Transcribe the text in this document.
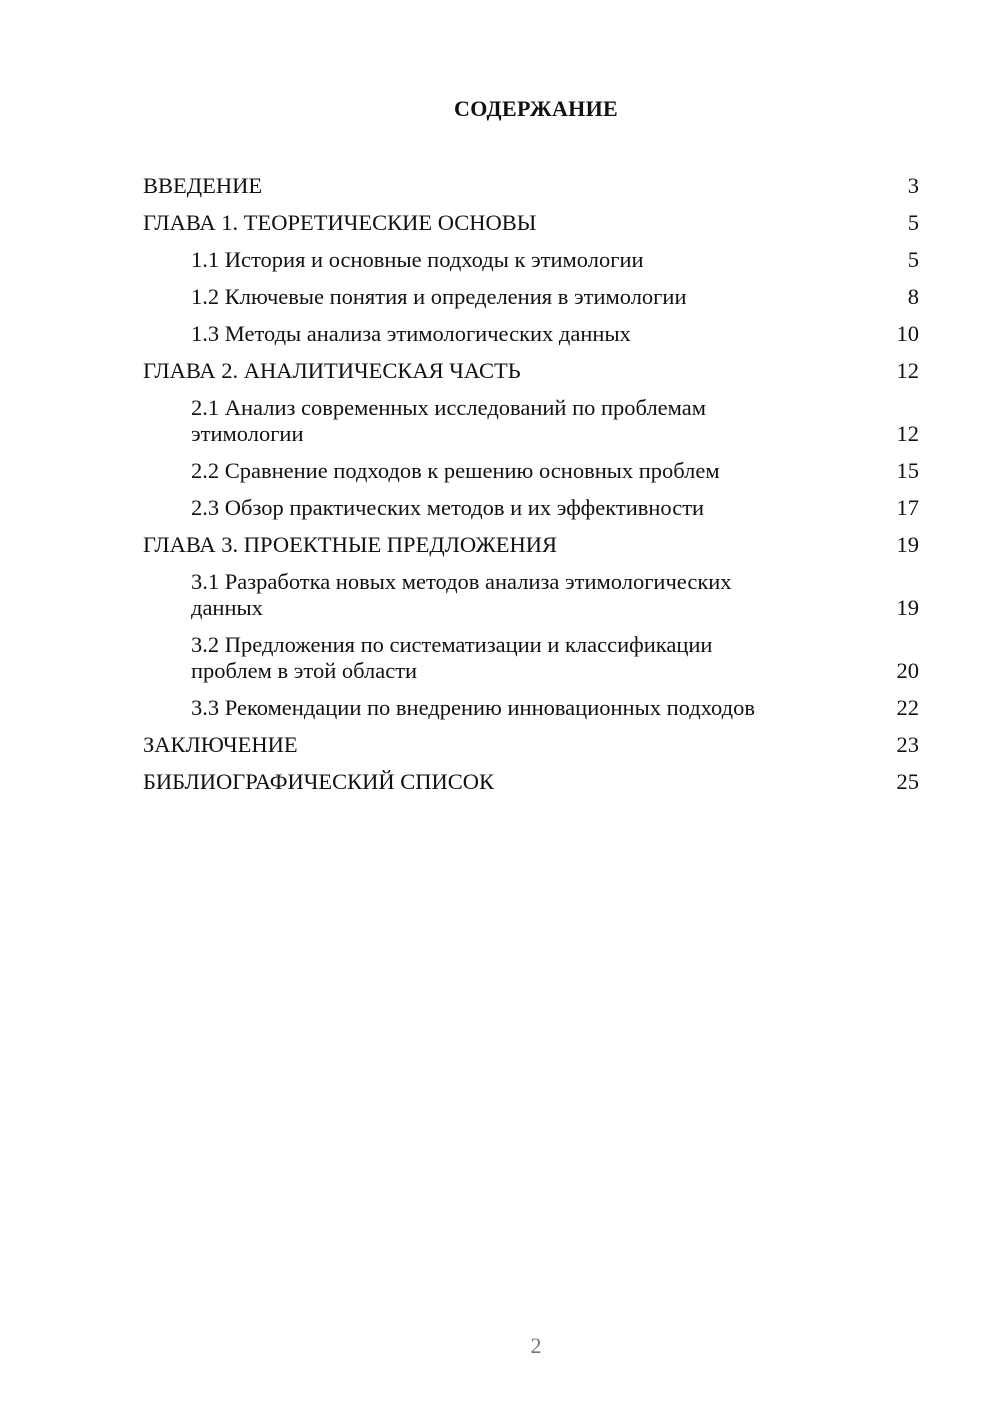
СОДЕРЖАНИЕ
ВВЕДЕНИЕ	3
ГЛАВА 1. ТЕОРЕТИЧЕСКИЕ ОСНОВЫ	5
1.1 История и основные подходы к этимологии	5
1.2 Ключевые понятия и определения в этимологии	8
1.3 Методы анализа этимологических данных	10
ГЛАВА 2. АНАЛИТИЧЕСКАЯ ЧАСТЬ	12
2.1 Анализ современных исследований по проблемам этимологии	12
2.2 Сравнение подходов к решению основных проблем	15
2.3 Обзор практических методов и их эффективности	17
ГЛАВА 3. ПРОЕКТНЫЕ ПРЕДЛОЖЕНИЯ	19
3.1 Разработка новых методов анализа этимологических данных	19
3.2 Предложения по систематизации и классификации проблем в этой области	20
3.3 Рекомендации по внедрению инновационных подходов	22
ЗАКЛЮЧЕНИЕ	23
БИБЛИОГРАФИЧЕСКИЙ СПИСОК	25
2
